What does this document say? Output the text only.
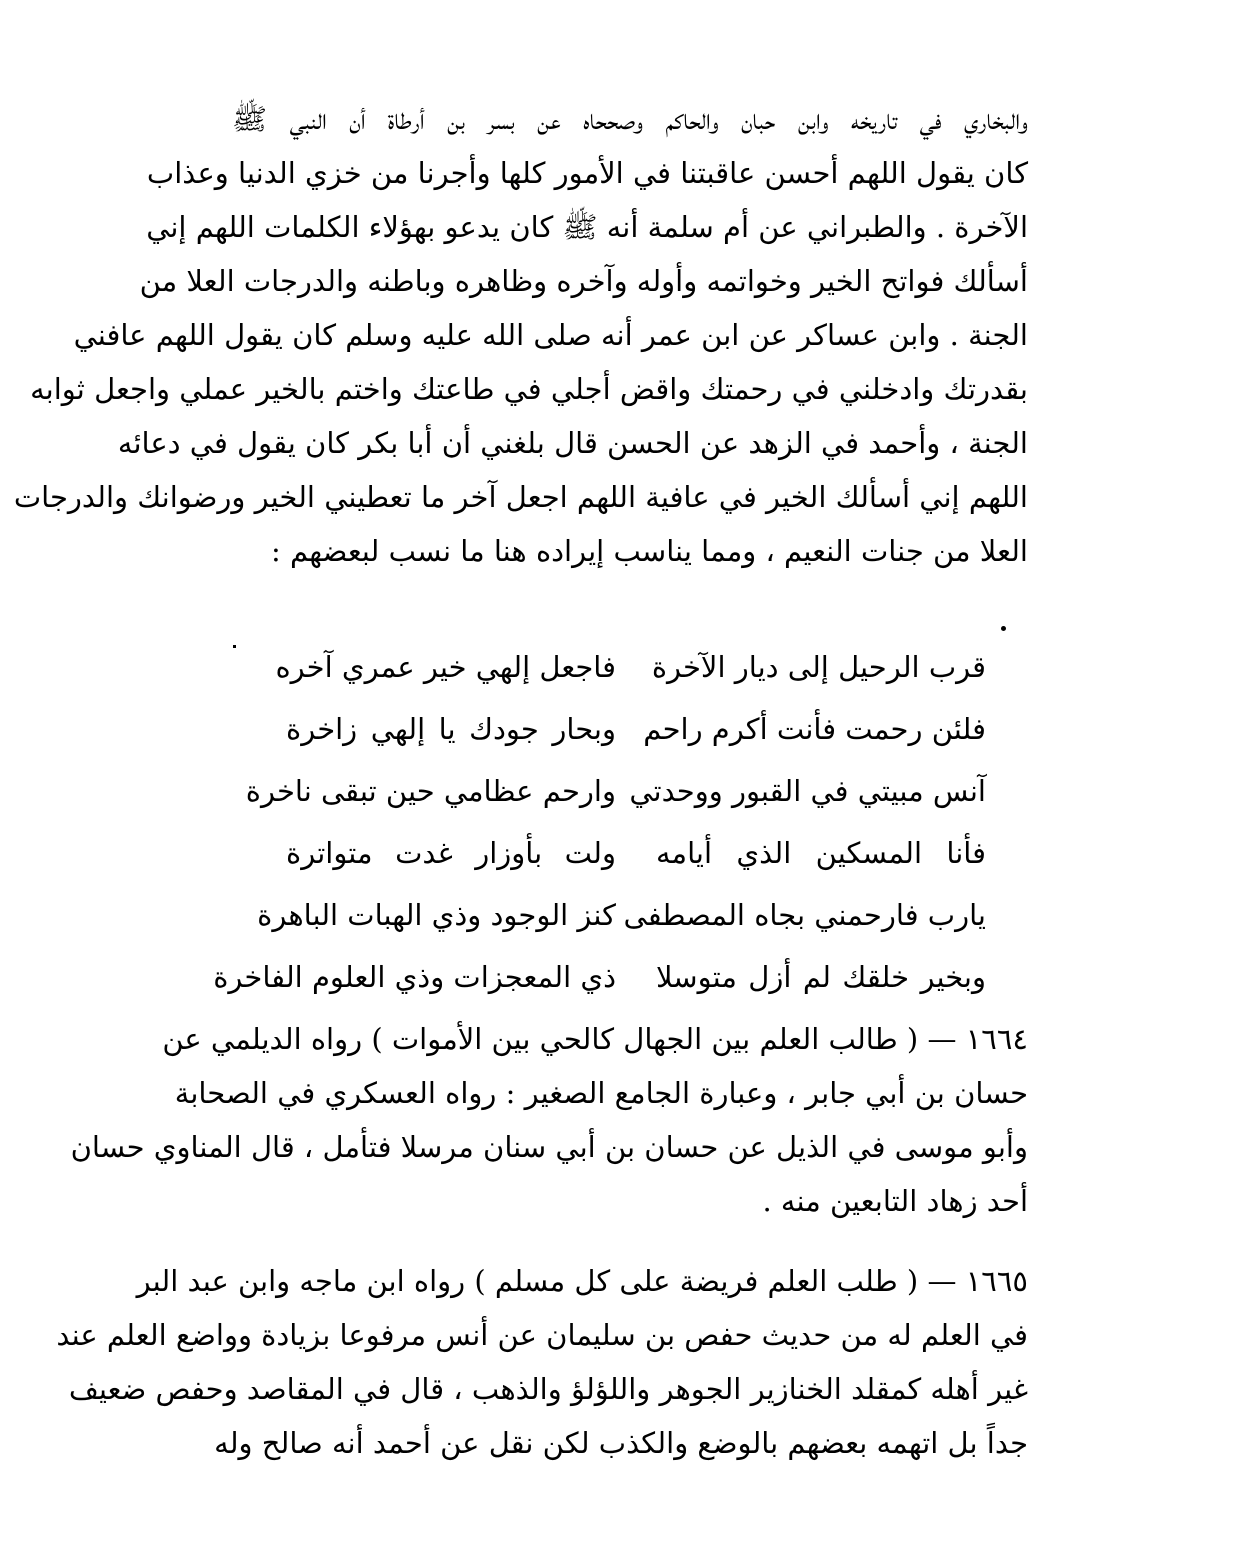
والبخاري في تاريخه وابن حبان والحاكم وصححاه عن بسر بن أرطاة أن النبي ﷺ
كان يقول اللهم أحسن عاقبتنا في الأمور كلها وأجرنا من خزي الدنيا وعذاب
الآخرة . والطبراني عن أم سلمة أنه ﷺ كان يدعو بهؤلاء الكلمات اللهم إني
أسألك فواتح الخير وخواتمه وأوله وآخره وظاهره وباطنه والدرجات العلا من
الجنة . وابن عساكر عن ابن عمر أنه صلى الله عليه وسلم كان يقول اللهم عافني
بقدرتك وادخلني في رحمتك واقض أجلي في طاعتك واختم بالخير عملي واجعل ثوابه
الجنة ، وأحمد في الزهد عن الحسن قال بلغني أن أبا بكر كان يقول في دعائه
اللهم إني أسألك الخير في عافية اللهم اجعل آخر ما تعطيني الخير ورضوانك والدرجات
العلا من جنات النعيم ، ومما يناسب إيراده هنا ما نسب لبعضهم :
قرب الرحيل إلى ديار الآخرة
فاجعل إلهي خير عمري آخره
فلئن رحمت فأنت أكرم راحم
وبحار جودك يا إلهي زاخرة
آنس مبيتي في القبور ووحدتي
وارحم عظامي حين تبقى ناخرة
فأنا المسكين الذي أيامه
ولت بأوزار غدت متواترة
يارب فارحمني بجاه المصطفى
كنز الوجود وذي الهبات الباهرة
وبخير خلقك لم أزل متوسلا
ذي المعجزات وذي العلوم الفاخرة
١٦٦٤ — ( طالب العلم بين الجهال كالحي بين الأموات ) رواه الديلمي عن
حسان بن أبي جابر ، وعبارة الجامع الصغير : رواه العسكري في الصحابة
وأبو موسى في الذيل عن حسان بن أبي سنان مرسلا فتأمل ، قال المناوي حسان
أحد زهاد التابعين منه .
١٦٦٥ — ( طلب العلم فريضة على كل مسلم ) رواه ابن ماجه وابن عبد البر
في العلم له من حديث حفص بن سليمان عن أنس مرفوعا بزيادة وواضع العلم عند
غير أهله كمقلد الخنازير الجوهر واللؤلؤ والذهب ، قال في المقاصد وحفص ضعيف
جداً بل اتهمه بعضهم بالوضع والكذب لكن نقل عن أحمد أنه صالح وله
